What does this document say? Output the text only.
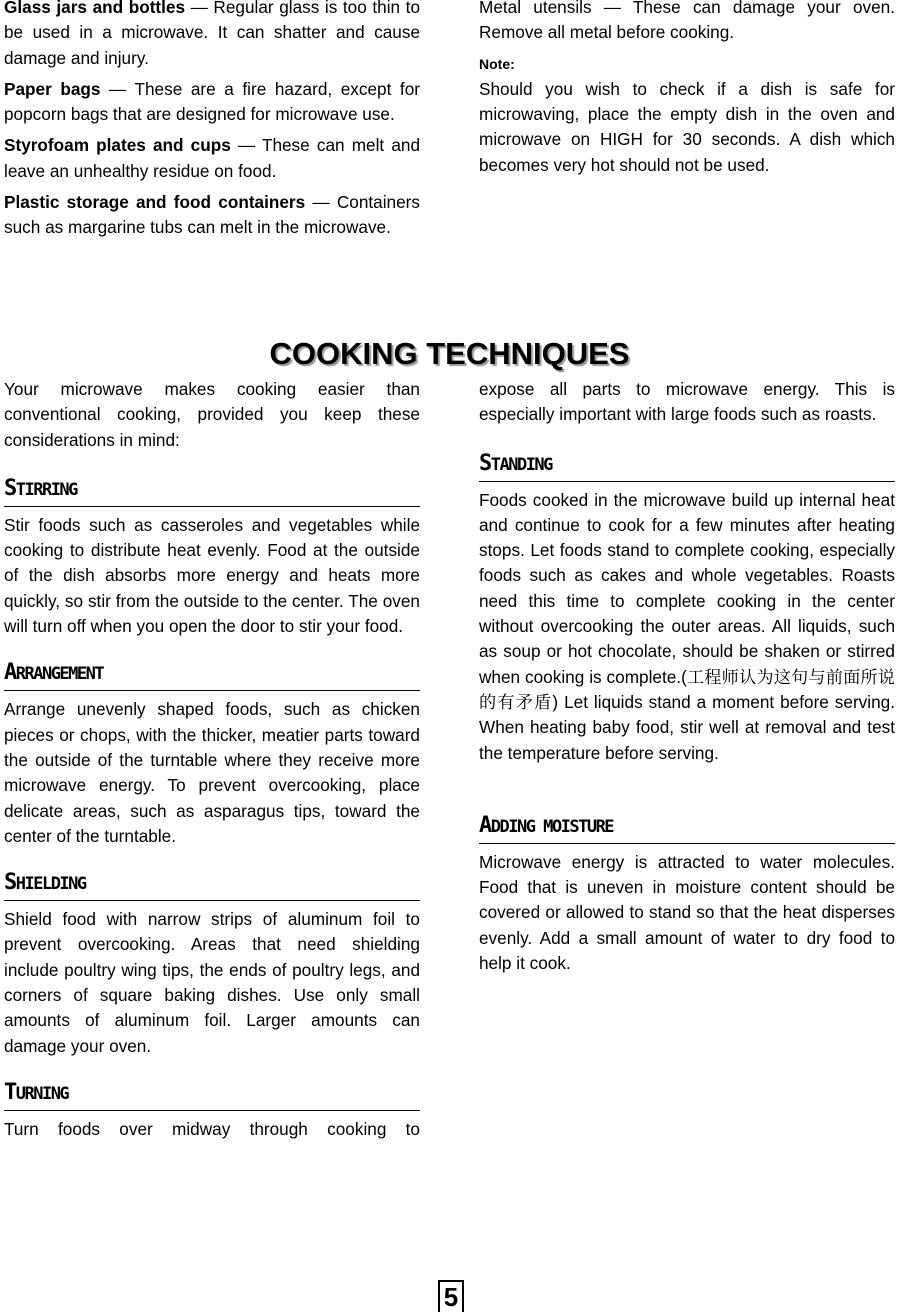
Glass jars and bottles — Regular glass is too thin to be used in a microwave. It can shatter and cause damage and injury.

Paper bags — These are a fire hazard, except for popcorn bags that are designed for microwave use.

Styrofoam plates and cups — These can melt and leave an unhealthy residue on food.

Plastic storage and food containers — Containers such as margarine tubs can melt in the microwave.

Metal utensils — These can damage your oven. Remove all metal before cooking.

Note:

Should you wish to check if a dish is safe for microwaving, place the empty dish in the oven and microwave on HIGH for 30 seconds. A dish which becomes very hot should not be used.

COOKING TECHNIQUES

Your microwave makes cooking easier than conventional cooking, provided you keep these considerations in mind:

STIRRING

Stir foods such as casseroles and vegetables while cooking to distribute heat evenly. Food at the outside of the dish absorbs more energy and heats more quickly, so stir from the outside to the center. The oven will turn off when you open the door to stir your food.

ARRANGEMENT

Arrange unevenly shaped foods, such as chicken pieces or chops, with the thicker, meatier parts toward the outside of the turntable where they receive more microwave energy. To prevent overcooking, place delicate areas, such as asparagus tips, toward the center of the turntable.

SHIELDING

Shield food with narrow strips of aluminum foil to prevent overcooking. Areas that need shielding include poultry wing tips, the ends of poultry legs, and corners of square baking dishes. Use only small amounts of aluminum foil. Larger amounts can damage your oven.

TURNING

Turn foods over midway through cooking to

expose all parts to microwave energy. This is especially important with large foods such as roasts.

STANDING

Foods cooked in the microwave build up internal heat and continue to cook for a few minutes after heating stops. Let foods stand to complete cooking, especially foods such as cakes and whole vegetables. Roasts need this time to complete cooking in the center without overcooking the outer areas. All liquids, such as soup or hot chocolate, should be shaken or stirred when cooking is complete.(工程师认为这句与前面所说的有矛盾) Let liquids stand a moment before serving. When heating baby food, stir well at removal and test the temperature before serving.

ADDING MOISTURE

Microwave energy is attracted to water molecules. Food that is uneven in moisture content should be covered or allowed to stand so that the heat disperses evenly. Add a small amount of water to dry food to help it cook.

5
